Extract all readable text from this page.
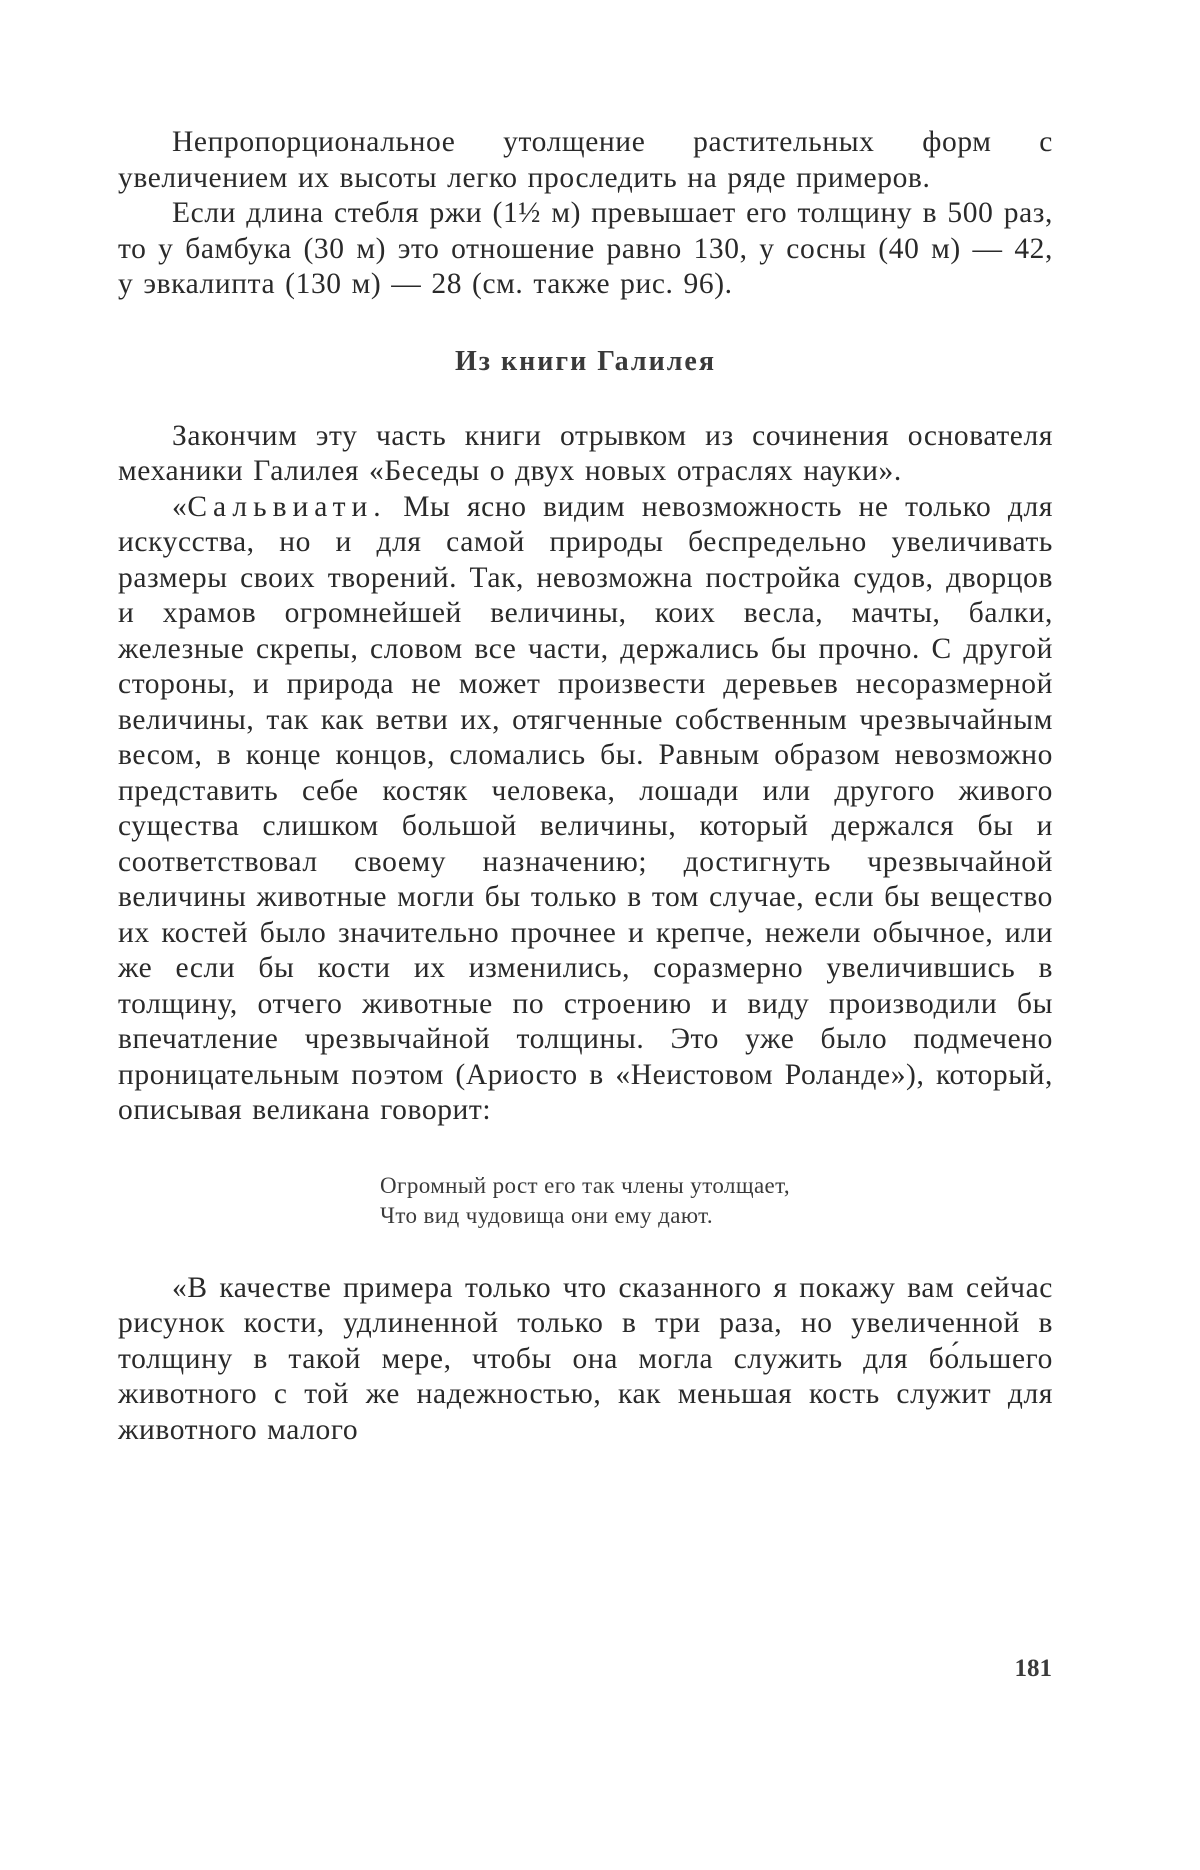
Непропорциональное утолщение растительных форм с увеличением их высоты легко проследить на ряде примеров.

Если длина стебля ржи (1½ м) превышает его толщину в 500 раз, то у бамбука (30 м) это отношение равно 130, у сосны (40 м) — 42, у эвкалипта (130 м) — 28 (см. также рис. 96).

Из книги Галилея

Закончим эту часть книги отрывком из сочинения основателя механики Галилея «Беседы о двух новых отраслях науки».

«Сальвиати. Мы ясно видим невозможность не только для искусства, но и для самой природы беспредельно увеличивать размеры своих творений. Так, невозможна постройка судов, дворцов и храмов огромнейшей величины, коих весла, мачты, балки, железные скрепы, словом все части, держались бы прочно. С другой стороны, и природа не может произвести деревьев несоразмерной величины, так как ветви их, отягченные собственным чрезвычайным весом, в конце концов, сломались бы. Равным образом невозможно представить себе костяк человека, лошади или другого живого существа слишком большой величины, который держался бы и соответствовал своему назначению; достигнуть чрезвычайной величины животные могли бы только в том случае, если бы вещество их костей было значительно прочнее и крепче, нежели обычное, или же если бы кости их изменились, соразмерно увеличившись в толщину, отчего животные по строению и виду производили бы впечатление чрезвычайной толщины. Это уже было подмечено проницательным поэтом (Ариосто в «Неистовом Роланде»), который, описывая великана говорит:

Огромный рост его так члены утолщает,
Что вид чудовища они ему дают.

«В качестве примера только что сказанного я покажу вам сейчас рисунок кости, удлиненной только в три раза, но увеличенной в толщину в такой мере, чтобы она могла служить для бо́льшего животного с той же надежностью, как меньшая кость служит для животного малого

181
